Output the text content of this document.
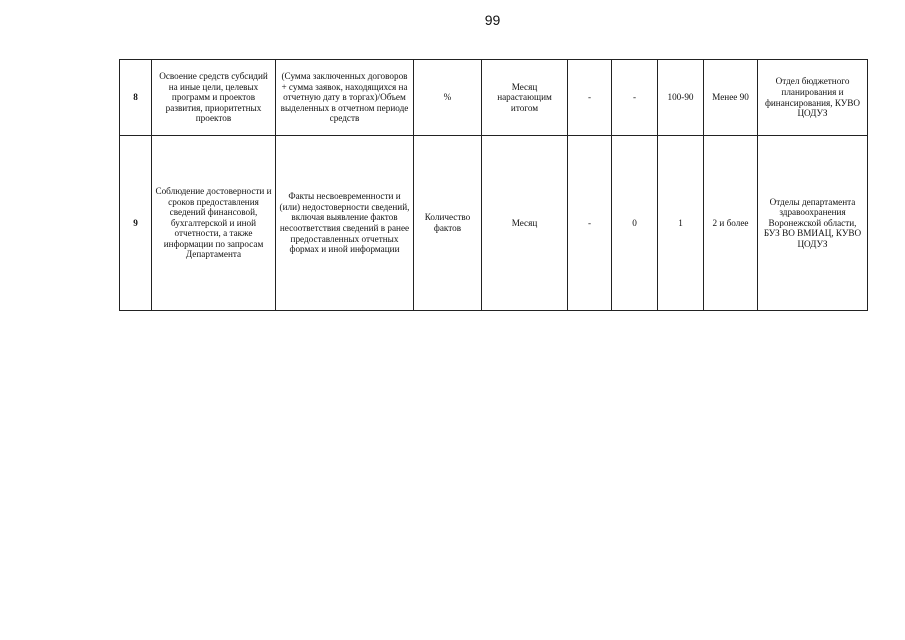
99
8	Освоение средств субсидий на иные цели, целевых программ и проектов развития, приоритетных проектов	(Сумма заключенных договоров + сумма заявок, находящихся на отчетную дату в торгах)/Объем выделенных в отчетном периоде средств	%	Месяц нарастающим итогом	-	-	100-90	Менее 90	Отдел бюджетного планирования и финансирования, КУВО ЦОДУЗ
9	Соблюдение достоверности и сроков предоставления сведений финансовой, бухгалтерской и иной отчетности, а также информации по запросам Департамента	Факты несвоевременности и (или) недостоверности сведений, включая выявление фактов несоответствия сведений в ранее предоставленных отчетных формах и иной информации	Количество фактов	Месяц	-	0	1	2 и более	Отделы департамента здравоохранения Воронежской области, БУЗ ВО ВМИАЦ, КУВО ЦОДУЗ
